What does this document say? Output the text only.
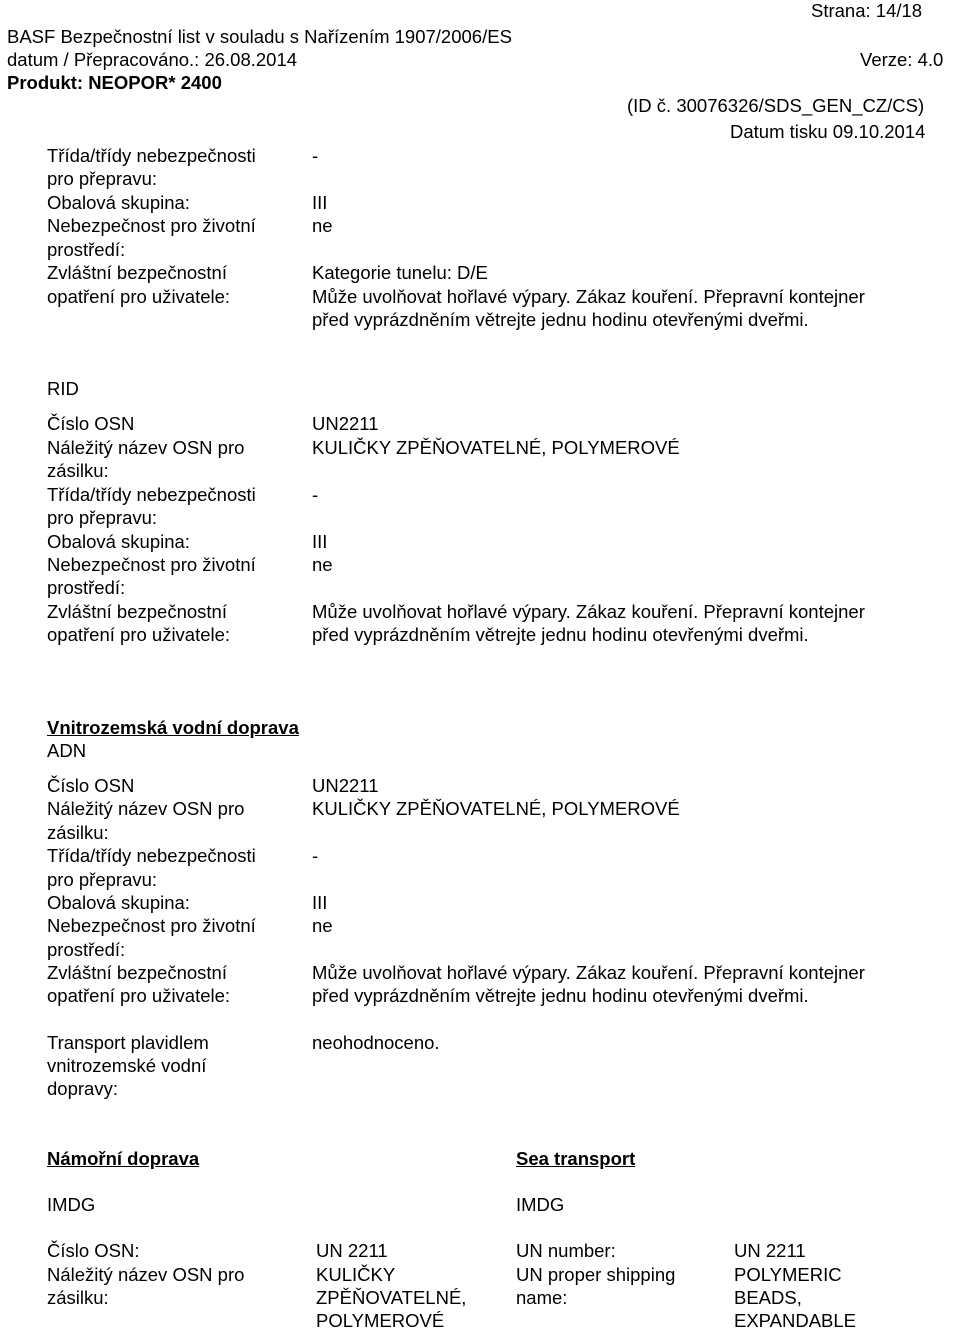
Strana: 14/18
BASF Bezpečnostní list v souladu s Nařízením 1907/2006/ES
datum / Přepracováno.: 26.08.2014	Verze: 4.0
Produkt: NEOPOR* 2400
(ID č. 30076326/SDS_GEN_CZ/CS)
Datum tisku 09.10.2014
Třída/třídy nebezpečnosti	-
pro přepravu:
Obalová skupina:	III
Nebezpečnost pro životní	ne
prostředí:
Zvláštní bezpečnostní	Kategorie tunelu: D/E
opatření pro uživatele:	Může uvolňovat hořlavé výpary. Zákaz kouření. Přepravní kontejner
před vyprázdněním větrejte jednu hodinu otevřenými dveřmi.
RID
Číslo OSN	UN2211
Náležitý název OSN pro	KULIČKY ZPĚŇOVATELNÉ, POLYMEROVÉ
zásilku:
Třída/třídy nebezpečnosti	-
pro přepravu:
Obalová skupina:	III
Nebezpečnost pro životní	ne
prostředí:
Zvláštní bezpečnostní	Může uvolňovat hořlavé výpary. Zákaz kouření. Přepravní kontejner
opatření pro uživatele:	před vyprázdněním větrejte jednu hodinu otevřenými dveřmi.
Vnitrozemská vodní doprava
ADN
Číslo OSN	UN2211
Náležitý název OSN pro	KULIČKY ZPĚŇOVATELNÉ, POLYMEROVÉ
zásilku:
Třída/třídy nebezpečnosti	-
pro přepravu:
Obalová skupina:	III
Nebezpečnost pro životní	ne
prostředí:
Zvláštní bezpečnostní	Může uvolňovat hořlavé výpary. Zákaz kouření. Přepravní kontejner
opatření pro uživatele:	před vyprázdněním větrejte jednu hodinu otevřenými dveřmi.
Transport plavidlem	neohodnoceno.
vnitrozemské vodní
dopravy:
Námořní doprava
IMDG
Číslo OSN:	UN 2211
Náležitý název OSN pro	KULIČKY
zásilku:	ZPĚŇOVATELNÉ,
POLYMEROVÉ
Sea transport
IMDG
UN number:	UN 2211
UN proper shipping	POLYMERIC
name:	BEADS,
EXPANDABLE
